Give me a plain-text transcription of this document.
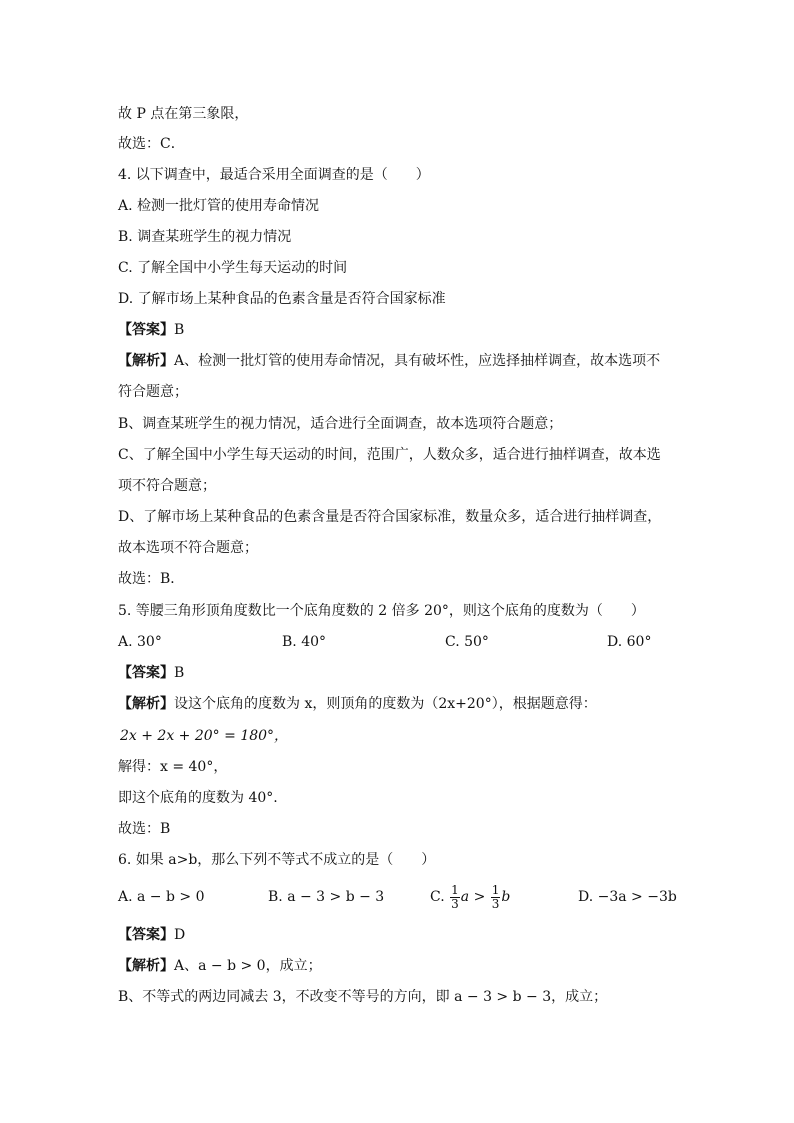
故 P 点在第三象限，
故选：C．
4. 以下调查中，最适合采用全面调查的是（　　）
A. 检测一批灯管的使用寿命情况
B. 调查某班学生的视力情况
C. 了解全国中小学生每天运动的时间
D. 了解市场上某种食品的色素含量是否符合国家标准
【答案】B
【解析】A、检测一批灯管的使用寿命情况，具有破坏性，应选择抽样调查，故本选项不
符合题意；
B、调查某班学生的视力情况，适合进行全面调查，故本选项符合题意；
C、了解全国中小学生每天运动的时间，范围广，人数众多，适合进行抽样调查，故本选
项不符合题意；
D、了解市场上某种食品的色素含量是否符合国家标准，数量众多，适合进行抽样调查，
故本选项不符合题意；
故选：B．
5. 等腰三角形顶角度数比一个底角度数的 2 倍多 20°，则这个底角的度数为（　　）
A. 30°	B. 40°	C. 50°	D. 60°
【答案】B
【解析】设这个底角的度数为 x，则顶角的度数为（2x+20°），根据题意得：
2x + 2x + 20° = 180°，
解得：x = 40°，
即这个底角的度数为 40°.
故选：B
6. 如果 a>b，那么下列不等式不成立的是（　　）
A. a − b > 0	B. a − 3 > b − 3	C. $\frac{1}{3}$ $a > \frac{1}{3}$ b	D. −3a > −3b
【答案】D
【解析】A、a − b > 0，成立；
B、不等式的两边同减去 3，不改变不等号的方向，即 a − 3 > b − 3，成立；
